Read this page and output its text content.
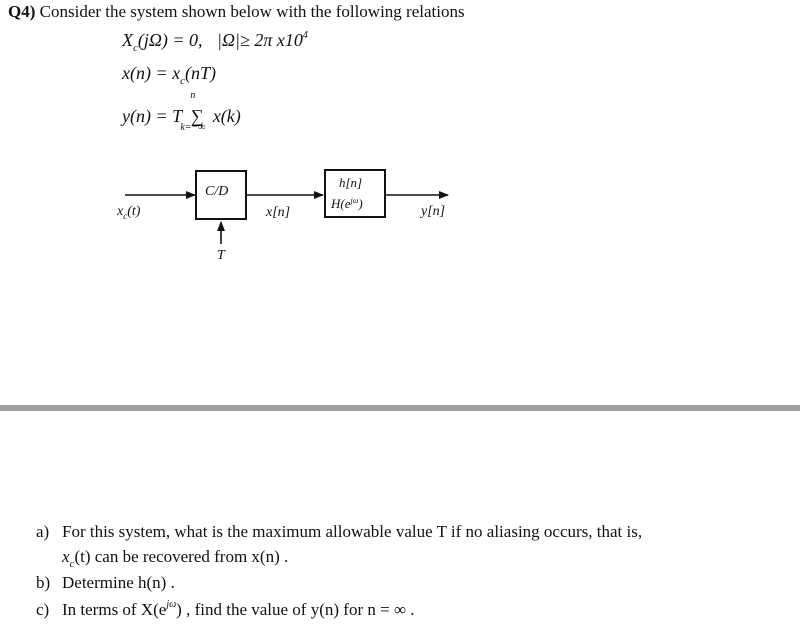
Q4) Consider the system shown below with the following relations
$X_c(j\Omega) = 0$, |Ω|≥ 2π $x10^4$
$x(n) = x_c(nT)$
y(n) = T
n
∑
k=−∞
x(k)
C/D
$x_c(t)$
T
x[n]
h[n]
$H(e^{j\omega})$
y[n]
a) For this system, what is the maximum allowable value T if no aliasing occurs, that is,
$x_c(t)$ can be recovered from x(n) .
b) Determine h(n) .
c) In terms of $X(e^{j\omega})$ , find the value of y(n) for n = ∞ .
